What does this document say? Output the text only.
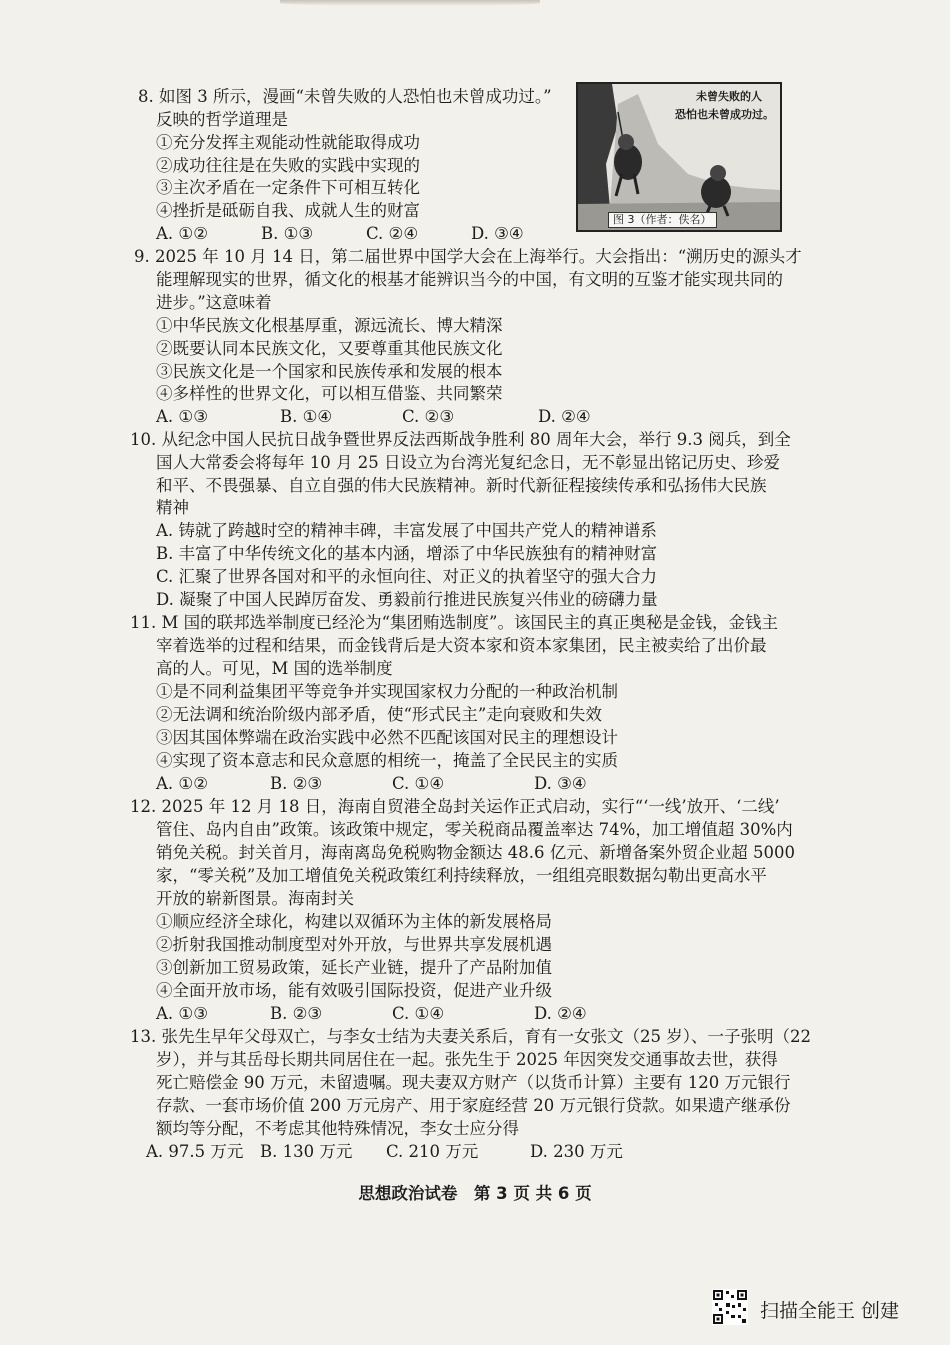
8. 如图 3 所示，漫画“未曾失败的人恐怕也未曾成功过。”
反映的哲学道理是
①充分发挥主观能动性就能取得成功
②成功往往是在失败的实践中实现的
③主次矛盾在一定条件下可相互转化
④挫折是砥砺自我、成就人生的财富
A. ①②	B. ①③	C. ②④	D. ③④
未曾失败的人
恐怕也未曾成功过。
图 3（作者：佚名）
9. 2025 年 10 月 14 日，第二届世界中国学大会在上海举行。大会指出：“溯历史的源头才
能理解现实的世界，循文化的根基才能辨识当今的中国，有文明的互鉴才能实现共同的
进步。”这意味着
①中华民族文化根基厚重，源远流长、博大精深
②既要认同本民族文化，又要尊重其他民族文化
③民族文化是一个国家和民族传承和发展的根本
④多样性的世界文化，可以相互借鉴、共同繁荣
A. ①③	B. ①④	C. ②③	D. ②④
10. 从纪念中国人民抗日战争暨世界反法西斯战争胜利 80 周年大会，举行 9.3 阅兵，到全
国人大常委会将每年 10 月 25 日设立为台湾光复纪念日，无不彰显出铭记历史、珍爱
和平、不畏强暴、自立自强的伟大民族精神。新时代新征程接续传承和弘扬伟大民族
精神
A. 铸就了跨越时空的精神丰碑，丰富发展了中国共产党人的精神谱系
B. 丰富了中华传统文化的基本内涵，增添了中华民族独有的精神财富
C. 汇聚了世界各国对和平的永恒向往、对正义的执着坚守的强大合力
D. 凝聚了中国人民踔厉奋发、勇毅前行推进民族复兴伟业的磅礴力量
11. M 国的联邦选举制度已经沦为“集团贿选制度”。该国民主的真正奥秘是金钱，金钱主
宰着选举的过程和结果，而金钱背后是大资本家和资本家集团，民主被卖给了出价最
高的人。可见，M 国的选举制度
①是不同利益集团平等竞争并实现国家权力分配的一种政治机制
②无法调和统治阶级内部矛盾，使“形式民主”走向衰败和失效
③因其国体弊端在政治实践中必然不匹配该国对民主的理想设计
④实现了资本意志和民众意愿的相统一，掩盖了全民民主的实质
A. ①②	B. ②③	C. ①④	D. ③④
12. 2025 年 12 月 18 日，海南自贸港全岛封关运作正式启动，实行“‘一线’放开、‘二线’
管住、岛内自由”政策。该政策中规定，零关税商品覆盖率达 74%，加工增值超 30%内
销免关税。封关首月，海南离岛免税购物金额达 48.6 亿元、新增备案外贸企业超 5000
家，“零关税”及加工增值免关税政策红利持续释放，一组组亮眼数据勾勒出更高水平
开放的崭新图景。海南封关
①顺应经济全球化，构建以双循环为主体的新发展格局
②折射我国推动制度型对外开放，与世界共享发展机遇
③创新加工贸易政策，延长产业链，提升了产品附加值
④全面开放市场，能有效吸引国际投资，促进产业升级
A. ①③	B. ②③	C. ①④	D. ②④
13. 张先生早年父母双亡，与李女士结为夫妻关系后，育有一女张文（25 岁）、一子张明（22
岁），并与其岳母长期共同居住在一起。张先生于 2025 年因突发交通事故去世，获得
死亡赔偿金 90 万元，未留遗嘱。现夫妻双方财产（以货币计算）主要有 120 万元银行
存款、一套市场价值 200 万元房产、用于家庭经营 20 万元银行贷款。如果遗产继承份
额均等分配，不考虑其他特殊情况，李女士应分得
A. 97.5 万元 B. 130 万元 C. 210 万元	D. 230 万元
思想政治试卷　第 3 页 共 6 页
扫描全能王 创建
